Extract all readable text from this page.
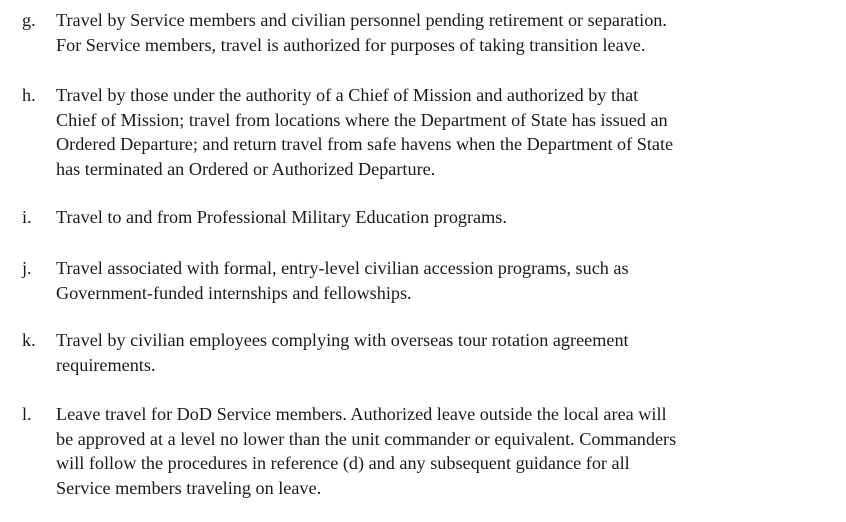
g.	Travel by Service members and civilian personnel pending retirement or separation.
For Service members, travel is authorized for purposes of taking transition leave.
h.	Travel by those under the authority of a Chief of Mission and authorized by that
Chief of Mission; travel from locations where the Department of State has issued an
Ordered Departure; and return travel from safe havens when the Department of State
has terminated an Ordered or Authorized Departure.
i.	Travel to and from Professional Military Education programs.
j.	Travel associated with formal, entry-level civilian accession programs, such as
Government-funded internships and fellowships.
k.	Travel by civilian employees complying with overseas tour rotation agreement
requirements.
l.	Leave travel for DoD Service members. Authorized leave outside the local area will
be approved at a level no lower than the unit commander or equivalent. Commanders
will follow the procedures in reference (d) and any subsequent guidance for all
Service members traveling on leave.
